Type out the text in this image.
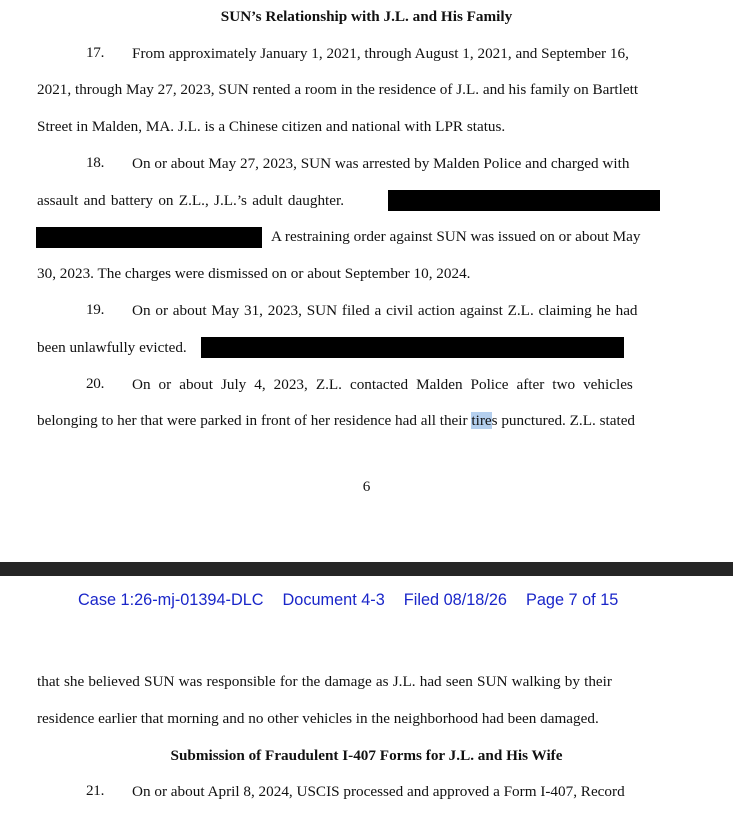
SUN’s Relationship with J.L. and His Family
17.	From approximately January 1, 2021, through August 1, 2021, and September 16,
2021, through May 27, 2023, SUN rented a room in the residence of J.L. and his family on Bartlett
Street in Malden, MA. J.L. is a Chinese citizen and national with LPR status.
18.	On or about May 27, 2023, SUN was arrested by Malden Police and charged with
assault and battery on Z.L., J.L.’s adult daughter.
A restraining order against SUN was issued on or about May
30, 2023. The charges were dismissed on or about September 10, 2024.
19.	On or about May 31, 2023, SUN filed a civil action against Z.L. claiming he had
been unlawfully evicted.
20.	On or about July 4, 2023, Z.L. contacted Malden Police after two vehicles
belonging to her that were parked in front of her residence had all their tires punctured. Z.L. stated
6
Case 1:26-mj-01394-DLC Document 4-3 Filed 08/18/26 Page 7 of 15
that she believed SUN was responsible for the damage as J.L. had seen SUN walking by their
residence earlier that morning and no other vehicles in the neighborhood had been damaged.
Submission of Fraudulent I-407 Forms for J.L. and His Wife
21.	On or about April 8, 2024, USCIS processed and approved a Form I-407, Record
